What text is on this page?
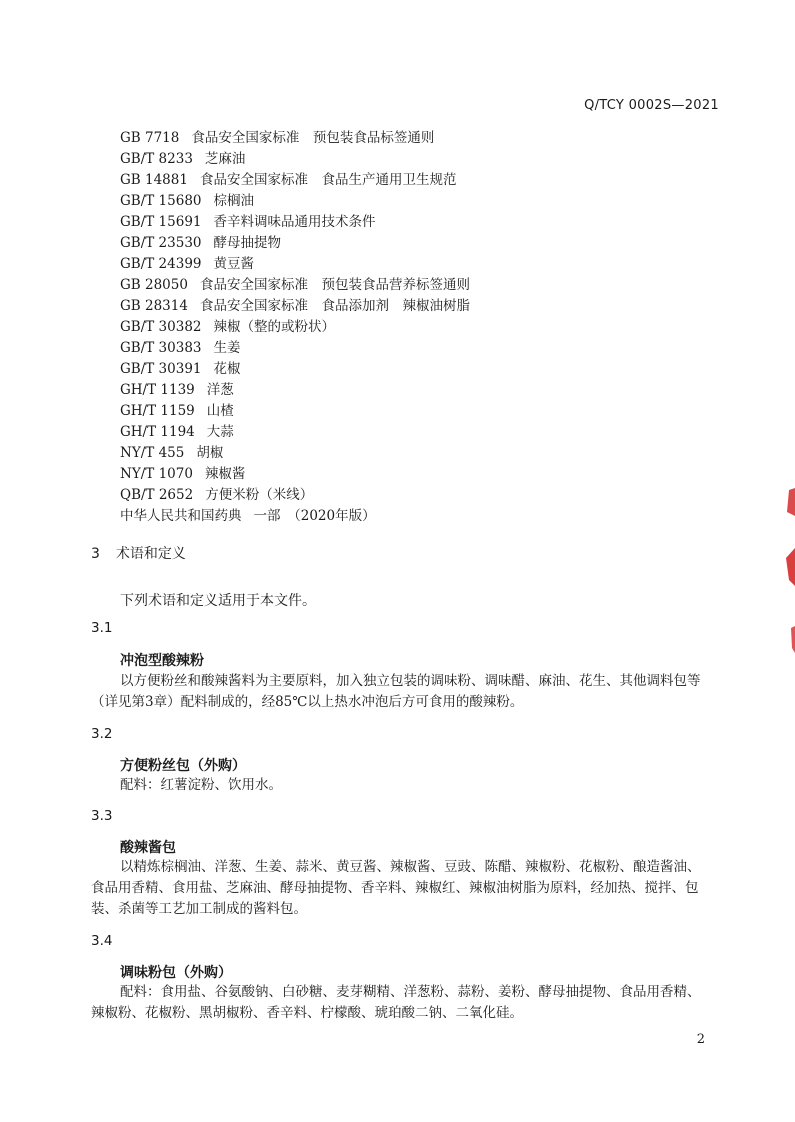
Q/TCY 0002S—2021
GB 7718 食品安全国家标准　预包装食品标签通则
GB/T 8233 芝麻油
GB 14881 食品安全国家标准　食品生产通用卫生规范
GB/T 15680 棕榈油
GB/T 15691 香辛料调味品通用技术条件
GB/T 23530 酵母抽提物
GB/T 24399 黄豆酱
GB 28050 食品安全国家标准　预包装食品营养标签通则
GB 28314 食品安全国家标准　食品添加剂　辣椒油树脂
GB/T 30382 辣椒（整的或粉状）
GB/T 30383 生姜
GB/T 30391 花椒
GH/T 1139 洋葱
GH/T 1159 山楂
GH/T 1194 大蒜
NY/T 455 胡椒
NY/T 1070 辣椒酱
QB/T 2652 方便米粉（米线）
中华人民共和国药典 一部　（2020年版）
3 术语和定义
下列术语和定义适用于本文件。
3.1
冲泡型酸辣粉

以方便粉丝和酸辣酱料为主要原料，加入独立包装的调味粉、调味醋、麻油、花生、其他调料包等

（详见第3章）配料制成的，经85℃以上热水冲泡后方可食用的酸辣粉。

3.2
方便粉丝包（外购）

配料：红薯淀粉、饮用水。

3.3
酸辣酱包

以精炼棕榈油、洋葱、生姜、蒜米、黄豆酱、辣椒酱、豆豉、陈醋、辣椒粉、花椒粉、酿造酱油、

食品用香精、食用盐、芝麻油、酵母抽提物、香辛料、辣椒红、辣椒油树脂为原料，经加热、搅拌、包

装、杀菌等工艺加工制成的酱料包。

3.4
调味粉包（外购）

配料：食用盐、谷氨酸钠、白砂糖、麦芽糊精、洋葱粉、蒜粉、姜粉、酵母抽提物、食品用香精、

辣椒粉、花椒粉、黑胡椒粉、香辛料、柠檬酸、琥珀酸二钠、二氧化硅。

2
